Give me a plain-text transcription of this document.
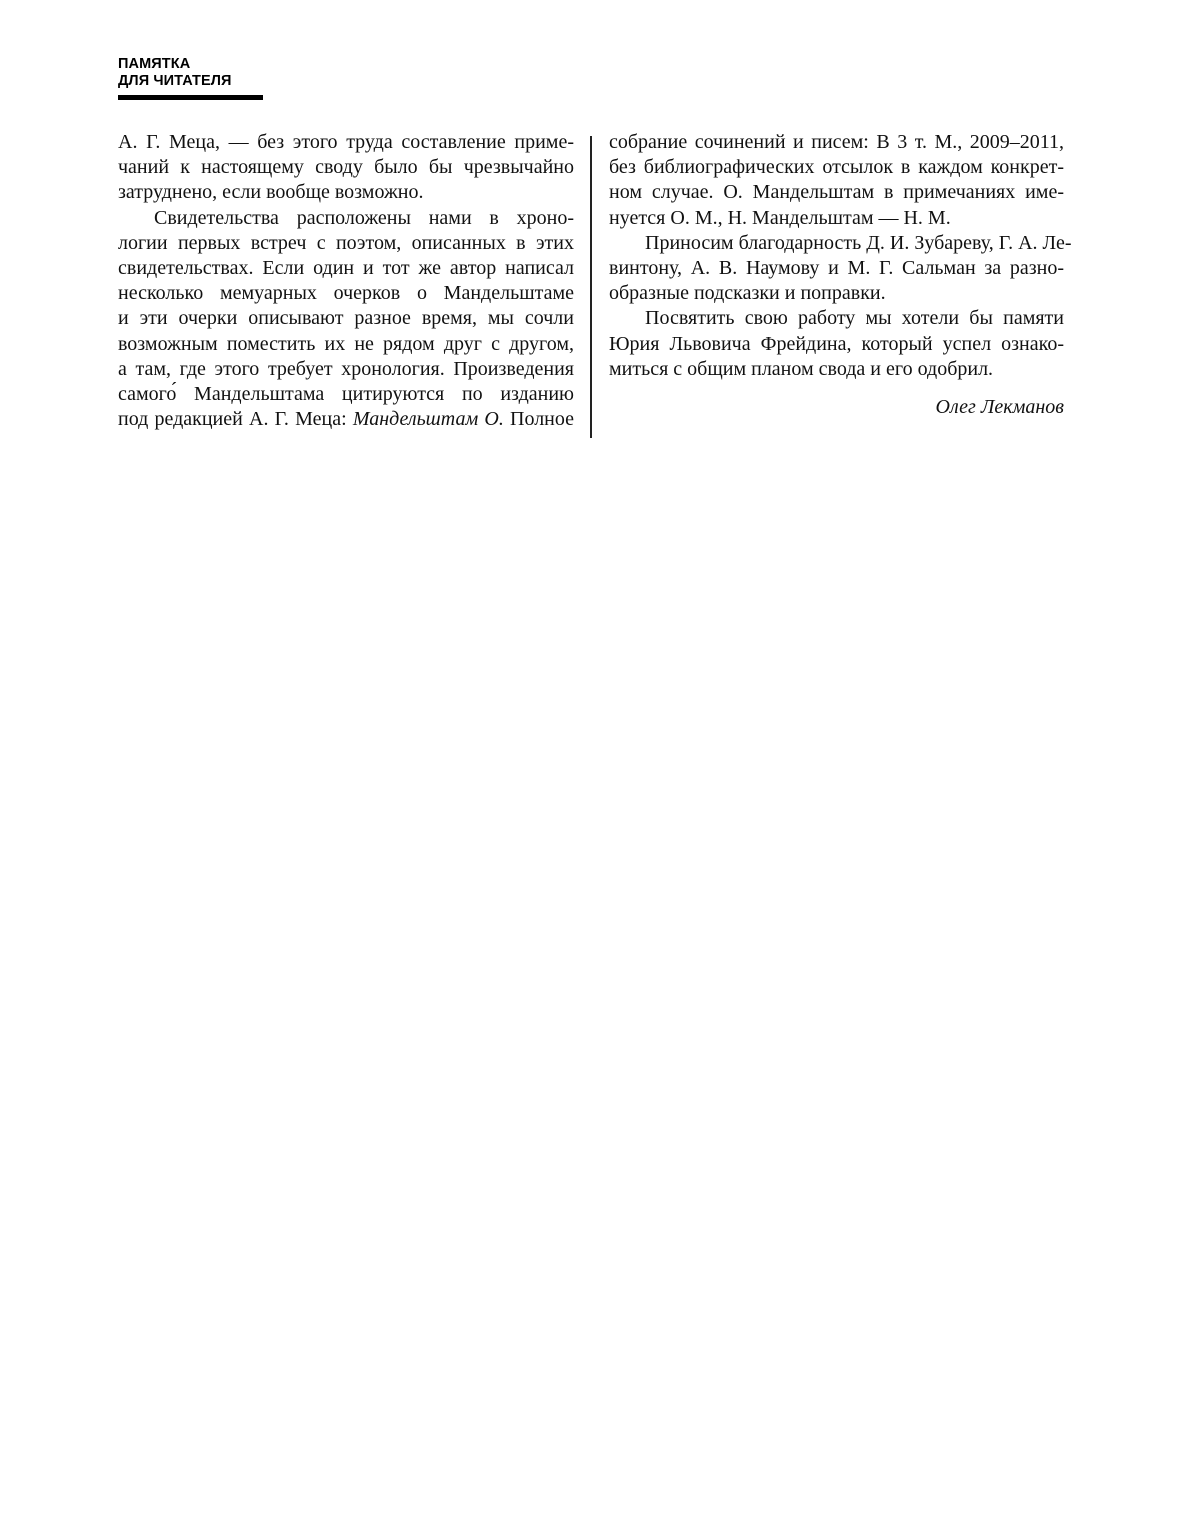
ПАМЯТКА
ДЛЯ ЧИТАТЕЛЯ
А. Г. Меца, — без этого труда составление приме-
чаний к настоящему своду было бы чрезвычайно
затруднено, если вообще возможно.
Свидетельства расположены нами в хроно-
логии первых встреч с поэтом, описанных в этих
свидетельствах. Если один и тот же автор написал
несколько мемуарных очерков о Мандельштаме
и эти очерки описывают разное время, мы сочли
возможным поместить их не рядом друг с другом,
а там, где этого требует хронология. Произведения
самого́ Мандельштама цитируются по изданию
под редакцией А. Г. Меца: Мандельштам О. Полное
собрание сочинений и писем: В 3 т. М., 2009–2011,
без библиографических отсылок в каждом конкрет-
ном случае. О. Мандельштам в примечаниях име-
нуется О. М., Н. Мандельштам — Н. М.
Приносим благодарность Д. И. Зубареву, Г. А. Ле-
винтону, А. В. Наумову и М. Г. Сальман за разно-
образные подсказки и поправки.
Посвятить свою работу мы хотели бы памяти
Юрия Львовича Фрейдина, который успел ознако-
миться с общим планом свода и его одобрил.
Олег Лекманов
